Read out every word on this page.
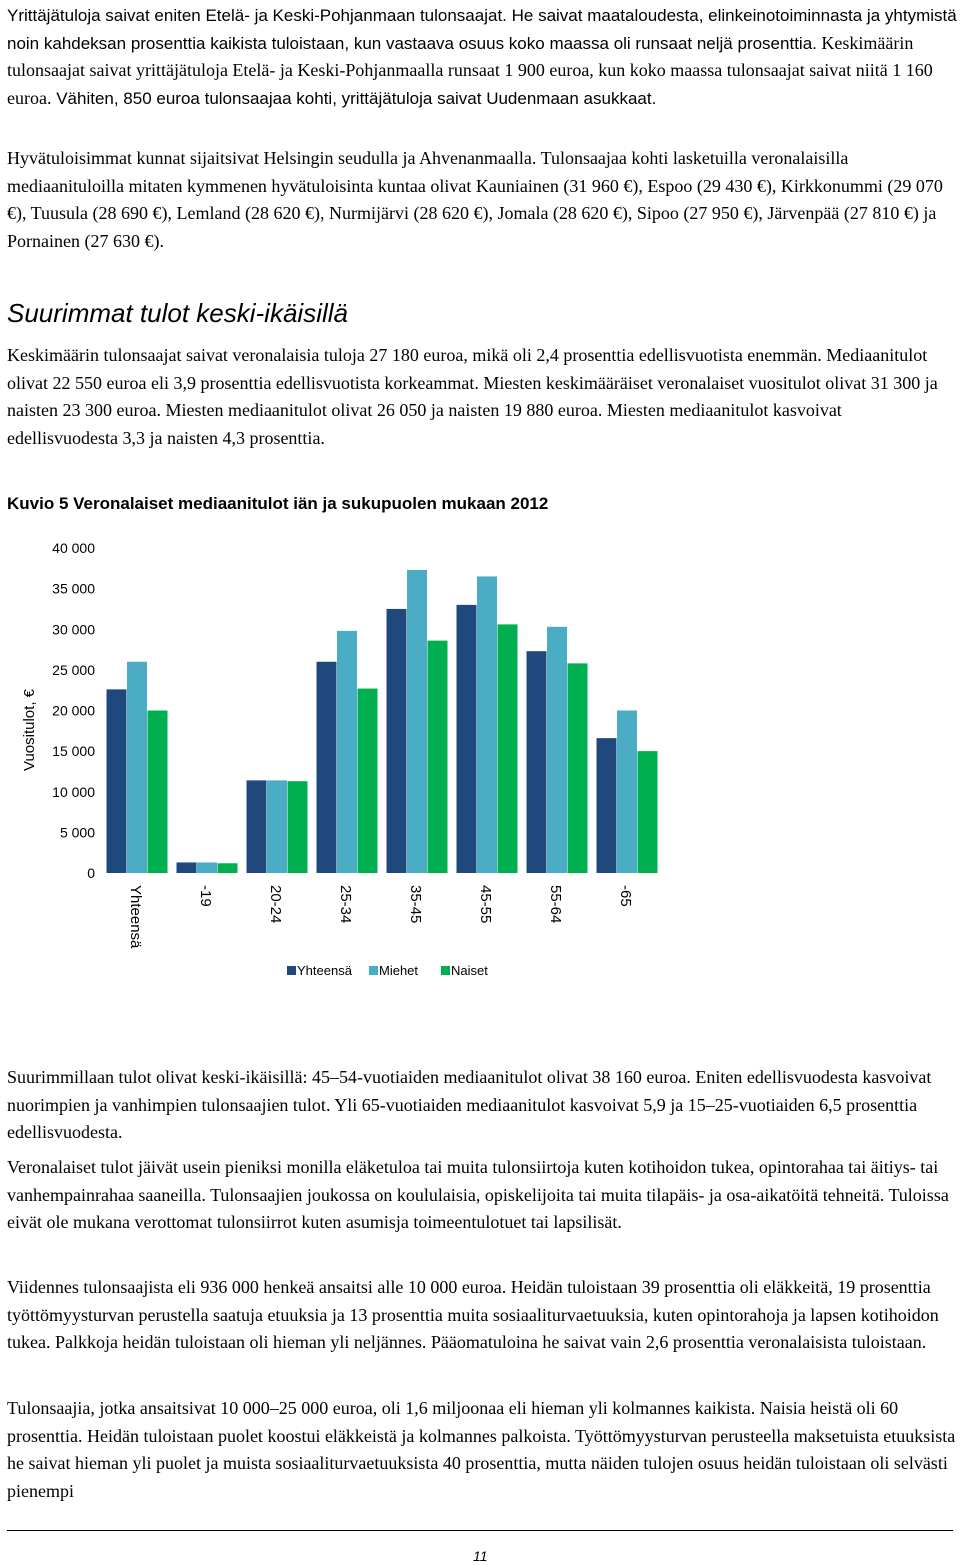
Yrittäjätuloja saivat eniten Etelä- ja Keski-Pohjanmaan tulonsaajat. He saivat maataloudesta, elinkeinotoiminnasta ja yhtymistä noin kahdeksan prosenttia kaikista tuloistaan, kun vastaava osuus koko maassa oli runsaat neljä prosenttia. Keskimäärin tulonsaajat saivat yrittäjätuloja Etelä- ja Keski-Pohjanmaalla runsaat 1 900 euroa, kun koko maassa tulonsaajat saivat niitä 1 160 euroa. Vähiten, 850 euroa tulonsaajaa kohti, yrittäjätuloja saivat Uudenmaan asukkaat.

Hyvätuloisimmat kunnat sijaitsivat Helsingin seudulla ja Ahvenanmaalla. Tulonsaajaa kohti lasketuilla veronalaisilla mediaanituloilla mitaten kymmenen hyvätuloisinta kuntaa olivat Kauniainen (31 960 €), Espoo (29 430 €), Kirkkonummi (29 070 €), Tuusula (28 690 €), Lemland (28 620 €), Nurmijärvi (28 620 €), Jomala (28 620 €), Sipoo (27 950 €), Järvenpää (27 810 €) ja Pornainen (27 630 €).

Suurimmat tulot keski-ikäisillä

Keskimäärin tulonsaajat saivat veronalaisia tuloja 27 180 euroa, mikä oli 2,4 prosenttia edellisvuotista enemmän. Mediaanitulot olivat 22 550 euroa eli 3,9 prosenttia edellisvuotista korkeammat. Miesten keskimääräiset veronalaiset vuositulot olivat 31 300 ja naisten 23 300 euroa. Miesten mediaanitulot olivat 26 050 ja naisten 19 880 euroa. Miesten mediaanitulot kasvoivat edellisvuodesta 3,3 ja naisten 4,3 prosenttia.

Kuvio 5 Veronalaiset mediaanitulot iän ja sukupuolen mukaan 2012
Vuositulot, €
0
5 000
10 000
15 000
20 000
25 000
30 000
35 000
40 000
Yhteensä	-19	20-24	25-34	35-45	45-55	55-64	-65
Yhteensä Miehet	Naiset

Suurimmillaan tulot olivat keski-ikäisillä: 45–54-vuotiaiden mediaanitulot olivat 38 160 euroa. Eniten edellisvuodesta kasvoivat nuorimpien ja vanhimpien tulonsaajien tulot. Yli 65-vuotiaiden mediaanitulot kasvoivat 5,9 ja 15–25-vuotiaiden 6,5 prosenttia edellisvuodesta.

Veronalaiset tulot jäivät usein pieniksi monilla eläketuloa tai muita tulonsiirtoja kuten kotihoidon tukea, opintorahaa tai äitiys- tai vanhempainrahaa saaneilla. Tulonsaajien joukossa on koululaisia, opiskelijoita tai muita tilapäis- ja osa-aikatöitä tehneitä. Tuloissa eivät ole mukana verottomat tulonsiirrot kuten asumisja toimeentulotuet tai lapsilisät.

Viidennes tulonsaajista eli 936 000 henkeä ansaitsi alle 10 000 euroa. Heidän tuloistaan 39 prosenttia oli eläkkeitä, 19 prosenttia työttömyysturvan perustella saatuja etuuksia ja 13 prosenttia muita sosiaaliturvaetuuksia, kuten opintorahoja ja lapsen kotihoidon tukea. Palkkoja heidän tuloistaan oli hieman yli neljännes. Pääomatuloina he saivat vain 2,6 prosenttia veronalaisista tuloistaan.

Tulonsaajia, jotka ansaitsivat 10 000–25 000 euroa, oli 1,6 miljoonaa eli hieman yli kolmannes kaikista. Naisia heistä oli 60 prosenttia. Heidän tuloistaan puolet koostui eläkkeistä ja kolmannes palkoista. Työttömyysturvan perusteella maksetuista etuuksista he saivat hieman yli puolet ja muista sosiaaliturvaetuuksista 40 prosenttia, mutta näiden tulojen osuus heidän tuloistaan oli selvästi pienempi

11
